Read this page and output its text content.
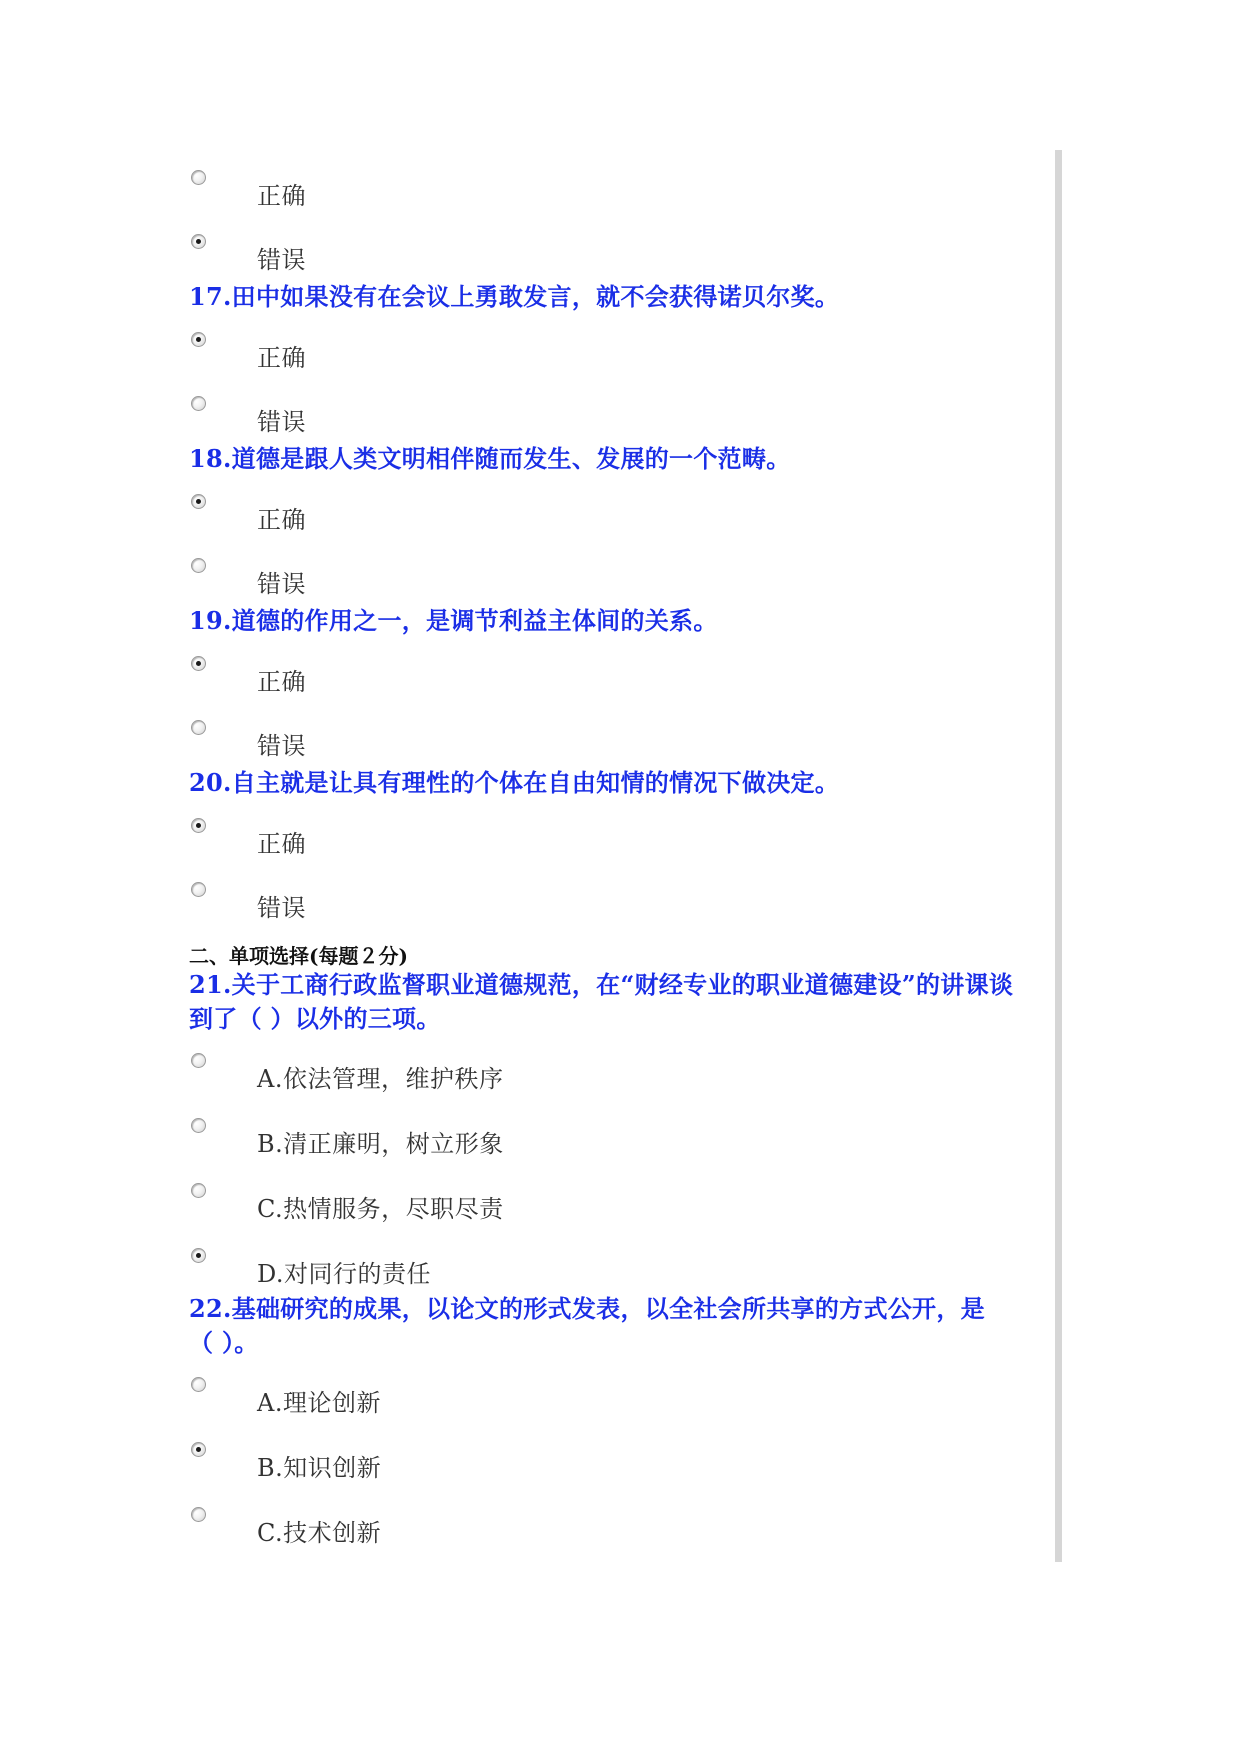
正确
错误
17.田中如果没有在会议上勇敢发言，就不会获得诺贝尔奖。
正确
错误
18.道德是跟人类文明相伴随而发生、发展的一个范畴。
正确
错误
19.道德的作用之一，是调节利益主体间的关系。
正确
错误
20.自主就是让具有理性的个体在自由知情的情况下做决定。
正确
错误
二、单项选择(每题２分)
21.关于工商行政监督职业道德规范，在“财经专业的职业道德建设”的讲课谈
到了（ ）以外的三项。
A.依法管理，维护秩序
B.清正廉明，树立形象
C.热情服务，尽职尽责
D.对同行的责任
22.基础研究的成果，以论文的形式发表，以全社会所共享的方式公开，是
（ ）。
A.理论创新
B.知识创新
C.技术创新
